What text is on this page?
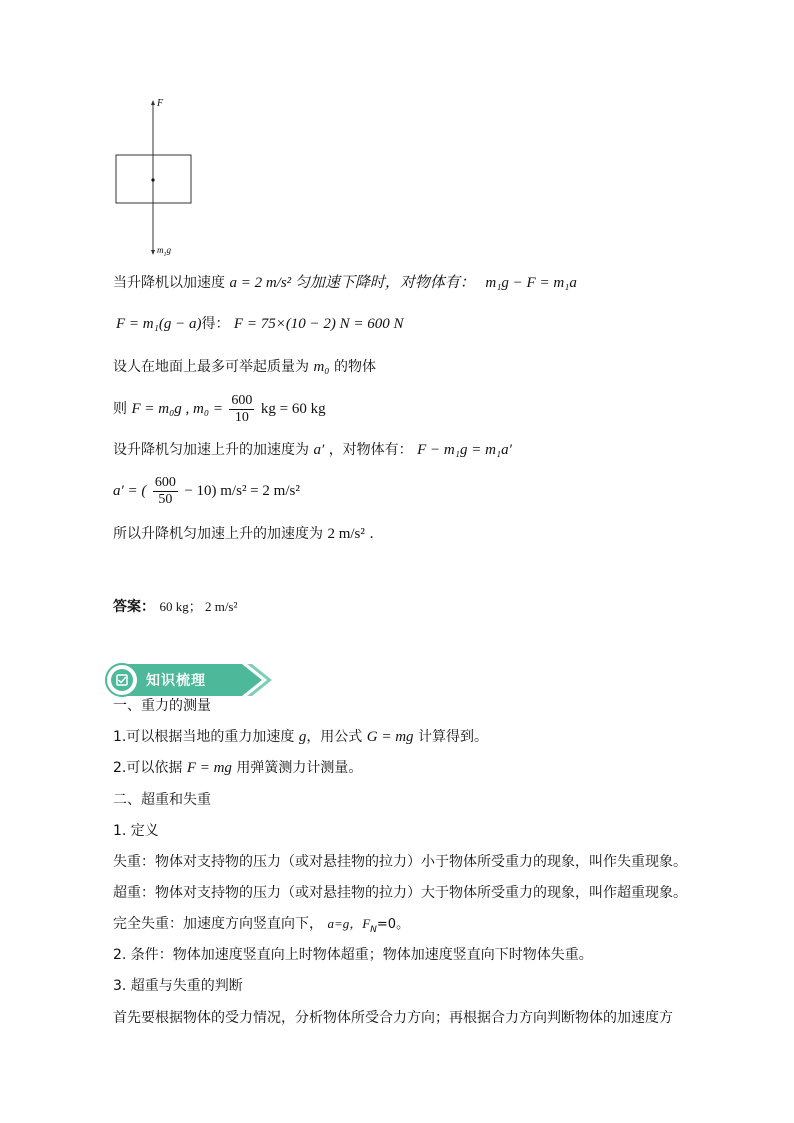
F
$m_1g$
当升降机以加速度 a = 2 m/s² 匀加速下降时，对物体有： m₁g − F = m₁a
F = m₁(g − a)得： F = 75×(10 − 2) N = 600 N
设人在地面上最多可举起质量为 m₀ 的物体
则 F = m₀g , $m_0 = \frac{600}{10}$ kg = 60 kg
设升降机匀加速上升的加速度为 a′ ，对物体有： F − m₁g = m₁a′
a′ = ( $\frac{600}{50} - 10$) m/s² = 2 m/s²
所以升降机匀加速上升的加速度为 2 m/s² .
答案： 60 kg； 2 m/s²
知识梳理
一、重力的测量
1.可以根据当地的重力加速度 g，用公式 G = mg 计算得到。
2.可以依据 F = mg 用弹簧测力计测量。
二、超重和失重
1. 定义
失重：物体对支持物的压力（或对悬挂物的拉力）小于物体所受重力的现象，叫作失重现象。
超重：物体对支持物的压力（或对悬挂物的拉力）大于物体所受重力的现象，叫作超重现象。
完全失重：加速度方向竖直向下， a=g，$F_N=0$。
2. 条件：物体加速度竖直向上时物体超重；物体加速度竖直向下时物体失重。
3. 超重与失重的判断
首先要根据物体的受力情况，分析物体所受合力方向；再根据合力方向判断物体的加速度方
